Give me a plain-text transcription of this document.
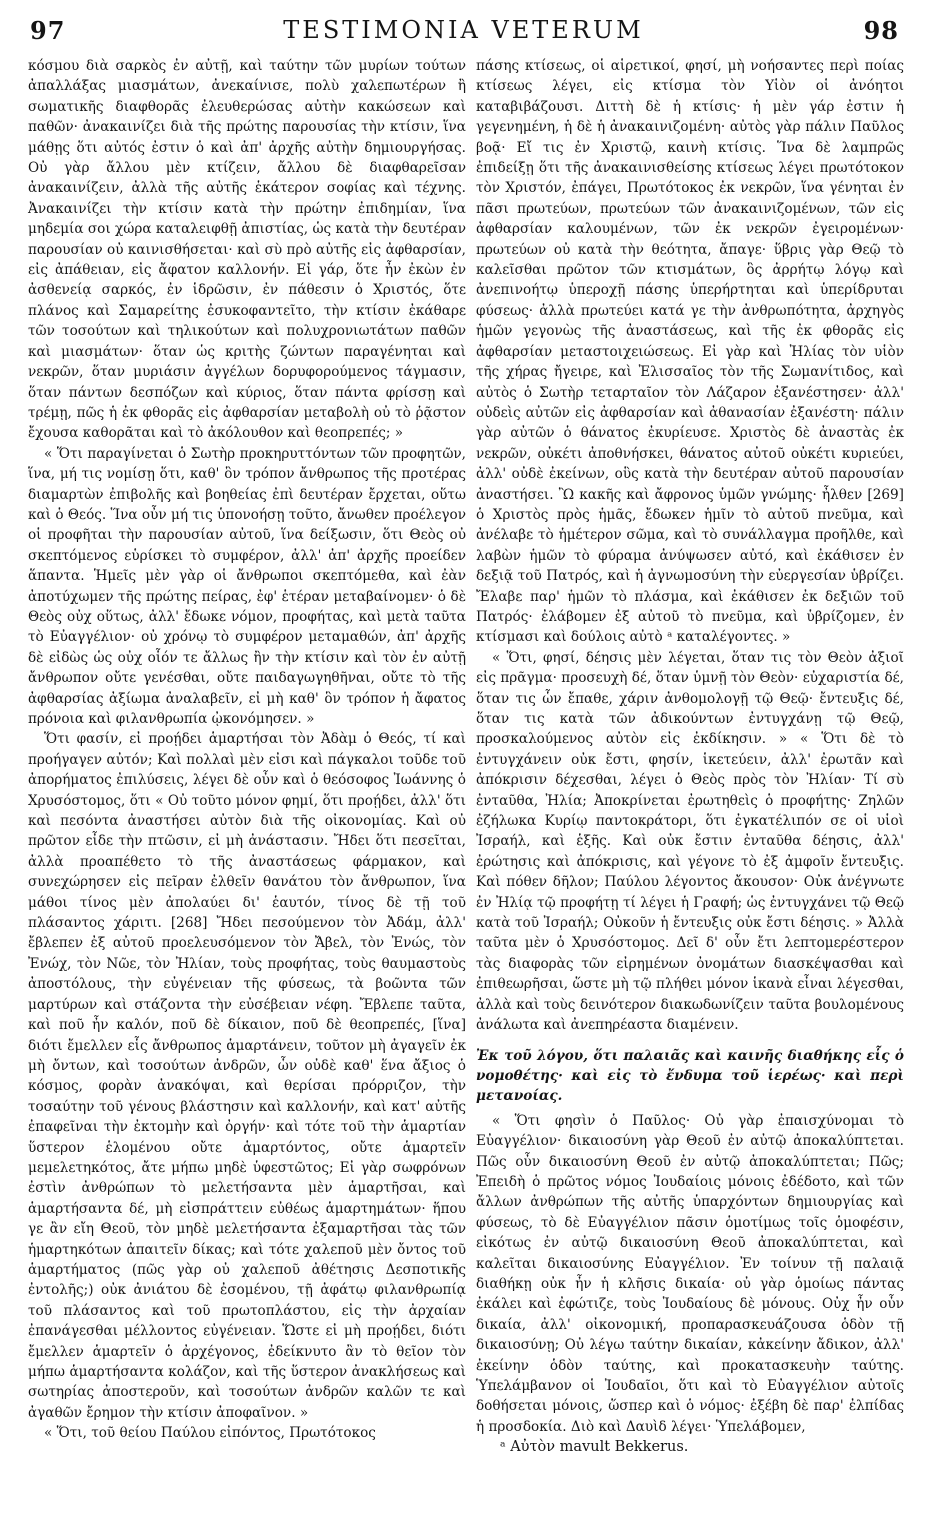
97	TESTIMONIA VETERUM	98

κόσμου διὰ σαρκὸς ἐν αὐτῇ, καὶ ταύτην τῶν μυρίων τούτων ἀπαλλάξας μιασμάτων, ἀνεκαίνισε, πολὺ χαλεπωτέρων ἢ σωματικῆς διαφθορᾶς ἐλευθερώσας αὐτὴν κακώσεων καὶ παθῶν· ἀνακαινίζει διὰ τῆς πρώτης παρουσίας τὴν κτίσιν, ἵνα μάθῃς ὅτι αὐτός ἐστιν ὁ καὶ ἀπ' ἀρχῆς αὐτὴν δημιουργήσας. Οὐ γὰρ ἄλλου μὲν κτίζειν, ἄλλου δὲ διαφθαρεῖσαν ἀνακαινίζειν, ἀλλὰ τῆς αὐτῆς ἑκάτερον σοφίας καὶ τέχνης. Ἀνακαινίζει τὴν κτίσιν κατὰ τὴν πρώτην ἐπιδημίαν, ἵνα μηδεμία σοι χώρα καταλειφθῇ ἀπιστίας, ὡς κατὰ τὴν δευτέραν παρουσίαν οὐ καινισθήσεται· καὶ σὺ πρὸ αὐτῆς εἰς ἀφθαρσίαν, εἰς ἀπάθειαν, εἰς ἄφατον καλλονήν. Εἰ γάρ, ὅτε ἦν ἐκὼν ἐν ἀσθενείᾳ σαρκός, ἐν ἱδρῶσιν, ἐν πάθεσιν ὁ Χριστός, ὅτε πλάνος καὶ Σαμαρείτης ἐσυκοφαντεῖτο, τὴν κτίσιν ἐκάθαρε τῶν τοσούτων καὶ τηλικούτων καὶ πολυχρονιωτάτων παθῶν καὶ μιασμάτων· ὅταν ὡς κριτὴς ζώντων παραγένηται καὶ νεκρῶν, ὅταν μυριάσιν ἀγγέλων δορυφορούμενος τάγμασιν, ὅταν πάντων δεσπόζων καὶ κύριος, ὅταν πάντα φρίσσῃ καὶ τρέμῃ, πῶς ἡ ἐκ φθορᾶς εἰς ἀφθαρσίαν μεταβολὴ οὐ τὸ ῥᾷστον ἔχουσα καθορᾶται καὶ τὸ ἀκόλουθον καὶ θεοπρεπές; »

« Ὅτι παραγίνεται ὁ Σωτὴρ προκηρυττόντων τῶν προφητῶν, ἵνα, μή τις νομίσῃ ὅτι, καθ' ὃν τρόπον ἄνθρωπος τῆς προτέρας διαμαρτὼν ἐπιβολῆς καὶ βοηθείας ἐπὶ δευτέραν ἔρχεται, οὕτω καὶ ὁ Θεός. Ἵνα οὖν μή τις ὑπονοήσῃ τοῦτο, ἄνωθεν προέλεγον οἱ προφῆται τὴν παρουσίαν αὐτοῦ, ἵνα δείξωσιν, ὅτι Θεὸς οὐ σκεπτόμενος εὑρίσκει τὸ συμφέρον, ἀλλ' ἀπ' ἀρχῆς προείδεν ἅπαντα. Ἡμεῖς μὲν γὰρ οἱ ἄνθρωποι σκεπτόμεθα, καὶ ἐὰν ἀποτύχωμεν τῆς πρώτης πείρας, ἐφ' ἑτέραν μεταβαίνομεν· ὁ δὲ Θεὸς οὐχ οὕτως, ἀλλ' ἔδωκε νόμον, προφήτας, καὶ μετὰ ταῦτα τὸ Εὐαγγέλιον· οὐ χρόνῳ τὸ συμφέρον μεταμαθών, ἀπ' ἀρχῆς δὲ εἰδὼς ὡς οὐχ οἷόν τε ἄλλως ἢν τὴν κτίσιν καὶ τὸν ἐν αὐτῇ ἄνθρωπον οὔτε γενέσθαι, οὔτε παιδαγωγηθῆναι, οὔτε τὸ τῆς ἀφθαρσίας ἀξίωμα ἀναλαβεῖν, εἰ μὴ καθ' ὃν τρόπον ἡ ἄφατος πρόνοια καὶ φιλανθρωπία ᾠκονόμησεν. »

Ὅτι φασίν, εἰ προῄδει ἁμαρτήσαι τὸν Ἀδὰμ ὁ Θεός, τί καὶ προήγαγεν αὐτόν; Καὶ πολλαὶ μὲν εἰσι καὶ πάγκαλοι τοῦδε τοῦ ἀπορήματος ἐπιλύσεις, λέγει δὲ οὖν καὶ ὁ θεόσοφος Ἰωάννης ὁ Χρυσόστομος, ὅτι « Οὐ τοῦτο μόνον φημί, ὅτι προῄδει, ἀλλ' ὅτι καὶ πεσόντα ἀναστήσει αὐτὸν διὰ τῆς οἰκονομίας. Καὶ οὐ πρῶτον εἶδε τὴν πτῶσιν, εἰ μὴ ἀνάστασιν. Ἤδει ὅτι πεσεῖται, ἀλλὰ προαπέθετο τὸ τῆς ἀναστάσεως φάρμακον, καὶ συνεχώρησεν εἰς πεῖραν ἐλθεῖν θανάτου τὸν ἄνθρωπον, ἵνα μάθοι τίνος μὲν ἀπολαύει δι' ἑαυτόν, τίνος δὲ τῇ τοῦ πλάσαντος χάριτι. [268] Ἤδει πεσούμενον τὸν Ἀδάμ, ἀλλ' ἔβλεπεν ἐξ αὐτοῦ προελευσόμενον τὸν Ἄβελ, τὸν Ἐνώς, τὸν Ἐνώχ, τὸν Νῶε, τὸν Ἠλίαν, τοὺς προφήτας, τοὺς θαυμαστοὺς ἀποστόλους, τὴν εὐγένειαν τῆς φύσεως, τὰ βοῶντα τῶν μαρτύρων καὶ στάζοντα τὴν εὐσέβειαν νέφη. Ἔβλεπε ταῦτα, καὶ ποῦ ἦν καλόν, ποῦ δὲ δίκαιον, ποῦ δὲ θεοπρεπές, [ἵνα] διότι ἔμελλεν εἷς ἄνθρωπος ἁμαρτάνειν, τοῦτον μὴ ἀγαγεῖν ἐκ μὴ ὄντων, καὶ τοσούτων ἀνδρῶν, ὧν οὐδὲ καθ' ἕνα ἄξιος ὁ κόσμος, φορὰν ἀνακόψαι, καὶ θερίσαι πρόρριζον, τὴν τοσαύτην τοῦ γένους βλάστησιν καὶ καλλονήν, καὶ κατ' αὐτῆς ἐπαφεῖναι τὴν ἐκτομὴν καὶ ὀργήν· καὶ τότε τοῦ τὴν ἁμαρτίαν ὕστερον ἑλομένου οὔτε ἁμαρτόντος, οὔτε ἁμαρτεῖν μεμελετηκότος, ἄτε μήπω μηδὲ ὑφεστῶτος; Εἰ γὰρ σωφρόνων ἐστὶν ἀνθρώπων τὸ μελετήσαντα μὲν ἁμαρτῆσαι, καὶ ἁμαρτήσαντα δέ, μὴ εἰσπράττειν εὐθέως ἁμαρτημάτων· ἥπου γε ἂν εἴη Θεοῦ, τὸν μηδὲ μελετήσαντα ἐξαμαρτῆσαι τὰς τῶν ἡμαρτηκότων ἀπαιτεῖν δίκας; καὶ τότε χαλεποῦ μὲν ὄντος τοῦ ἁμαρτήματος (πῶς γὰρ οὐ χαλεποῦ ἀθέτησις Δεσποτικῆς ἐντολῆς;) οὐκ ἀνιάτου δὲ ἐσομένου, τῇ ἀφάτῳ φιλανθρωπίᾳ τοῦ πλάσαντος καὶ τοῦ πρωτοπλάστου, εἰς τὴν ἀρχαίαν ἐπανάγεσθαι μέλλοντος εὐγένειαν. Ὥστε εἰ μὴ προῄδει, διότι ἔμελλεν ἁμαρτεῖν ὁ ἀρχέγονος, ἐδείκνυτο ἂν τὸ θεῖον τὸν μήπω ἁμαρτήσαντα κολάζον, καὶ τῆς ὕστερον ἀνακλήσεως καὶ σωτηρίας ἀποστεροῦν, καὶ τοσούτων ἀνδρῶν καλῶν τε καὶ ἀγαθῶν ἔρημον τὴν κτίσιν ἀποφαῖνον. »

« Ὅτι, τοῦ θείου Παύλου εἰπόντος, Πρωτότοκος

πάσης κτίσεως, οἱ αἱρετικοί, φησί, μὴ νοήσαντες περὶ ποίας κτίσεως λέγει, εἰς κτίσμα τὸν Υἱὸν οἱ ἀνόητοι καταβιβάζουσι. Διττὴ δὲ ἡ κτίσις· ἡ μὲν γάρ ἐστιν ἡ γεγενημένη, ἡ δὲ ἡ ἀνακαινιζομένη· αὐτὸς γὰρ πάλιν Παῦλος βοᾷ· Εἴ τις ἐν Χριστῷ, καινὴ κτίσις. Ἵνα δὲ λαμπρῶς ἐπιδείξῃ ὅτι τῆς ἀνακαινισθείσης κτίσεως λέγει πρωτότοκον τὸν Χριστόν, ἐπάγει, Πρωτότοκος ἐκ νεκρῶν, ἵνα γένηται ἐν πᾶσι πρωτεύων, πρωτεύων τῶν ἀνακαινιζομένων, τῶν εἰς ἀφθαρσίαν καλουμένων, τῶν ἐκ νεκρῶν ἐγειρομένων· πρωτεύων οὐ κατὰ τὴν θεότητα, ἄπαγε· ὕβρις γὰρ Θεῷ τὸ καλεῖσθαι πρῶτον τῶν κτισμάτων, ὃς ἀρρήτῳ λόγῳ καὶ ἀνεπινοήτῳ ὑπεροχῇ πάσης ὑπερήρτηται καὶ ὑπερίδρυται φύσεως· ἀλλὰ πρωτεύει κατά γε τὴν ἀνθρωπότητα, ἀρχηγὸς ἡμῶν γεγονὼς τῆς ἀναστάσεως, καὶ τῆς ἐκ φθορᾶς εἰς ἀφθαρσίαν μεταστοιχειώσεως. Εἰ γὰρ καὶ Ἠλίας τὸν υἱὸν τῆς χήρας ἤγειρε, καὶ Ἐλισσαῖος τὸν τῆς Σωμανίτιδος, καὶ αὐτὸς ὁ Σωτὴρ τεταρταῖον τὸν Λάζαρον ἐξανέστησεν· ἀλλ' οὐδεὶς αὐτῶν εἰς ἀφθαρσίαν καὶ ἀθανασίαν ἐξανέστη· πάλιν γὰρ αὐτῶν ὁ θάνατος ἐκυρίευσε. Χριστὸς δὲ ἀναστὰς ἐκ νεκρῶν, οὐκέτι ἀποθνήσκει, θάνατος αὐτοῦ οὐκέτι κυριεύει, ἀλλ' οὐδὲ ἐκείνων, οὓς κατὰ τὴν δευτέραν αὐτοῦ παρουσίαν ἀναστήσει. Ὢ κακῆς καὶ ἄφρονος ὑμῶν γνώμης· ἦλθεν [269] ὁ Χριστὸς πρὸς ἡμᾶς, ἔδωκεν ἡμῖν τὸ αὐτοῦ πνεῦμα, καὶ ἀνέλαβε τὸ ἡμέτερον σῶμα, καὶ τὸ συνάλλαγμα προῆλθε, καὶ λαβὼν ἡμῶν τὸ φύραμα ἀνύψωσεν αὐτό, καὶ ἐκάθισεν ἐν δεξιᾷ τοῦ Πατρός, καὶ ἡ ἀγνωμοσύνη τὴν εὐεργεσίαν ὑβρίζει. Ἔλαβε παρ' ἡμῶν τὸ πλάσμα, καὶ ἐκάθισεν ἐκ δεξιῶν τοῦ Πατρός· ἐλάβομεν ἐξ αὐτοῦ τὸ πνεῦμα, καὶ ὑβρίζομεν, ἐν κτίσμασι καὶ δούλοις αὐτὸ ᵃ καταλέγοντες. »

« Ὅτι, φησί, δέησις μὲν λέγεται, ὅταν τις τὸν Θεὸν ἀξιοῖ εἰς πρᾶγμα· προσευχὴ δέ, ὅταν ὑμνῇ τὸν Θεὸν· εὐχαριστία δέ, ὅταν τις ὧν ἔπαθε, χάριν ἀνθομολογῇ τῷ Θεῷ· ἔντευξις δέ, ὅταν τις κατὰ τῶν ἀδικούντων ἐντυγχάνῃ τῷ Θεῷ, προσκαλούμενος αὐτὸν εἰς ἐκδίκησιν. » « Ὅτι δὲ τὸ ἐντυγχάνειν οὐκ ἔστι, φησίν, ἱκετεύειν, ἀλλ' ἐρωτᾶν καὶ ἀπόκρισιν δέχεσθαι, λέγει ὁ Θεὸς πρὸς τὸν Ἠλίαν· Τί σὺ ἐνταῦθα, Ἠλία; Ἀποκρίνεται ἐρωτηθεὶς ὁ προφήτης· Ζηλῶν ἐζήλωκα Κυρίῳ παντοκράτορι, ὅτι ἐγκατέλιπόν σε οἱ υἱοὶ Ἰσραήλ, καὶ ἑξῆς. Καὶ οὐκ ἔστιν ἐνταῦθα δέησις, ἀλλ' ἐρώτησις καὶ ἀπόκρισις, καὶ γέγονε τὸ ἐξ ἀμφοῖν ἔντευξις. Καὶ πόθεν δῆλον; Παύλου λέγοντος ἄκουσον· Οὐκ ἀνέγνωτε ἐν Ἠλίᾳ τῷ προφήτῃ τί λέγει ἡ Γραφή; ὡς ἐντυγχάνει τῷ Θεῷ κατὰ τοῦ Ἰσραήλ; Οὐκοῦν ἡ ἔντευξις οὐκ ἔστι δέησις. » Ἀλλὰ ταῦτα μὲν ὁ Χρυσόστομος. Δεῖ δ' οὖν ἔτι λεπτομερέστερον τὰς διαφορὰς τῶν εἰρημένων ὀνομάτων διασκέψασθαι καὶ ἐπιθεωρῆσαι, ὥστε μὴ τῷ πλήθει μόνον ἱκανὰ εἶναι λέγεσθαι, ἀλλὰ καὶ τοὺς δεινότερον διακωδωνίζειν ταῦτα βουλομένους ἀνάλωτα καὶ ἀνεπηρέαστα διαμένειν.

Ἐκ τοῦ λόγου, ὅτι παλαιᾶς καὶ καινῆς διαθήκης εἷς ὁ νομοθέτης· καὶ εἰς τὸ ἔνδυμα τοῦ ἱερέως· καὶ περὶ μετανοίας.

« Ὅτι φησὶν ὁ Παῦλος· Οὐ γὰρ ἐπαισχύνομαι τὸ Εὐαγγέλιον· δικαιοσύνη γὰρ Θεοῦ ἐν αὐτῷ ἀποκαλύπτεται. Πῶς οὖν δικαιοσύνη Θεοῦ ἐν αὐτῷ ἀποκαλύπτεται; Πῶς; Ἐπειδὴ ὁ πρῶτος νόμος Ἰουδαίοις μόνοις ἐδέδοτο, καὶ τῶν ἄλλων ἀνθρώπων τῆς αὐτῆς ὑπαρχόντων δημιουργίας καὶ φύσεως, τὸ δὲ Εὐαγγέλιον πᾶσιν ὁμοτίμως τοῖς ὁμοφέσιν, εἰκότως ἐν αὐτῷ δικαιοσύνη Θεοῦ ἀποκαλύπτεται, καὶ καλεῖται δικαιοσύνης Εὐαγγέλιον. Ἐν τοίνυν τῇ παλαιᾷ διαθήκῃ οὐκ ἦν ἡ κλῆσις δικαία· οὐ γὰρ ὁμοίως πάντας ἐκάλει καὶ ἐφώτιζε, τοὺς Ἰουδαίους δὲ μόνους. Οὐχ ἦν οὖν δικαία, ἀλλ' οἰκονομική, προπαρασκευάζουσα ὁδὸν τῇ δικαιοσύνῃ; Οὐ λέγω ταύτην δικαίαν, κἀκείνην ἄδικον, ἀλλ' ἐκείνην ὁδὸν ταύτης, καὶ προκατασκευὴν ταύτης. Ὑπελάμβανον οἱ Ἰουδαῖοι, ὅτι καὶ τὸ Εὐαγγέλιον αὐτοῖς δοθήσεται μόνοις, ὥσπερ καὶ ὁ νόμος· ἐξέβη δὲ παρ' ἐλπίδας ἡ προσδοκία. Διὸ καὶ Δαυὶδ λέγει· Ὑπελάβομεν,

ᵃ Αὐτὸν mavult Bekkerus.
